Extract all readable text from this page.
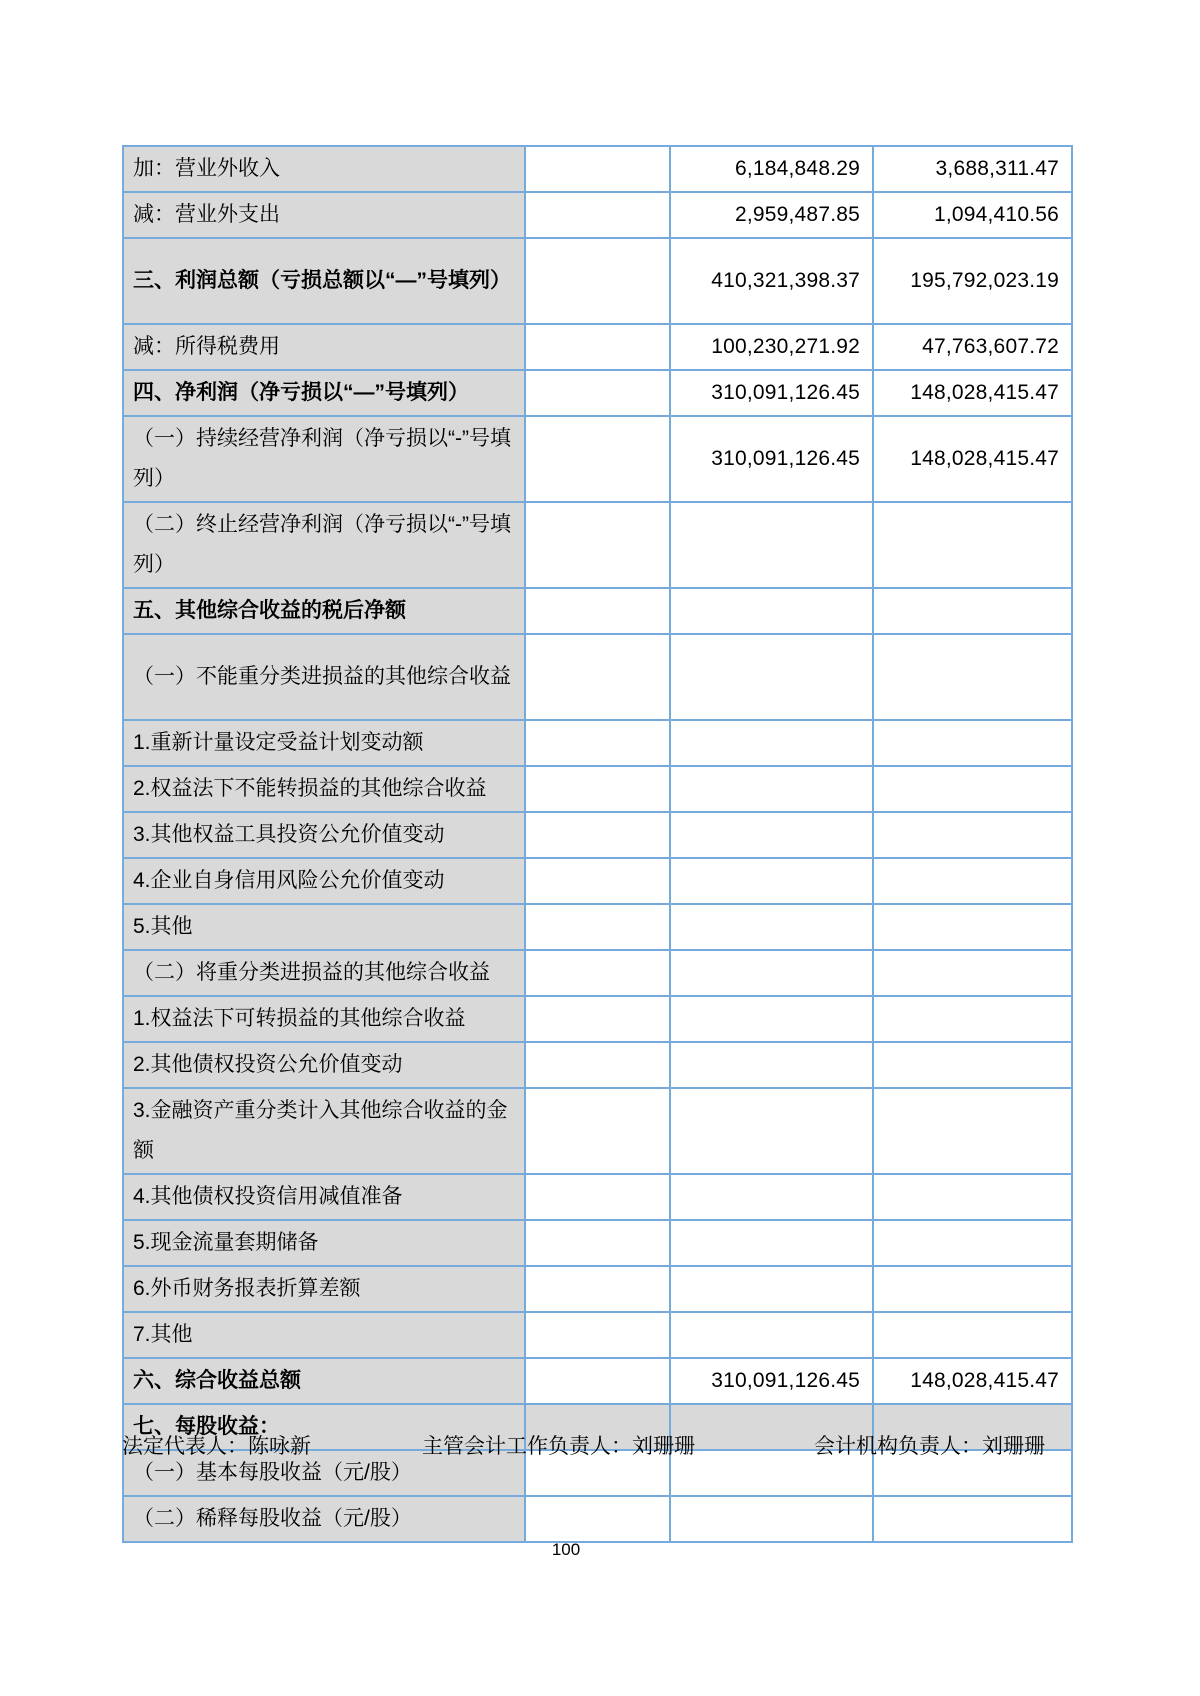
加：营业外收入		6,184,848.29	3,688,311.47
减：营业外支出		2,959,487.85	1,094,410.56
三、利润总额（亏损总额以“—”号填列）		410,321,398.37	195,792,023.19
减：所得税费用		100,230,271.92	47,763,607.72
四、净利润（净亏损以“—”号填列）		310,091,126.45	148,028,415.47
（一）持续经营净利润（净亏损以“-”号填列）		310,091,126.45	148,028,415.47
（二）终止经营净利润（净亏损以“-”号填列）			
五、其他综合收益的税后净额			
（一）不能重分类进损益的其他综合收益			
1.重新计量设定受益计划变动额			
2.权益法下不能转损益的其他综合收益			
3.其他权益工具投资公允价值变动			
4.企业自身信用风险公允价值变动			
5.其他			
（二）将重分类进损益的其他综合收益			
1.权益法下可转损益的其他综合收益			
2.其他债权投资公允价值变动			
3.金融资产重分类计入其他综合收益的金额			
4.其他债权投资信用减值准备			
5.现金流量套期储备			
6.外币财务报表折算差额			
7.其他			
六、综合收益总额		310,091,126.45	148,028,415.47
七、每股收益：			
（一）基本每股收益（元/股）			
（二）稀释每股收益（元/股）			
法定代表人：陈咏新	主管会计工作负责人：刘珊珊	会计机构负责人：刘珊珊
100
